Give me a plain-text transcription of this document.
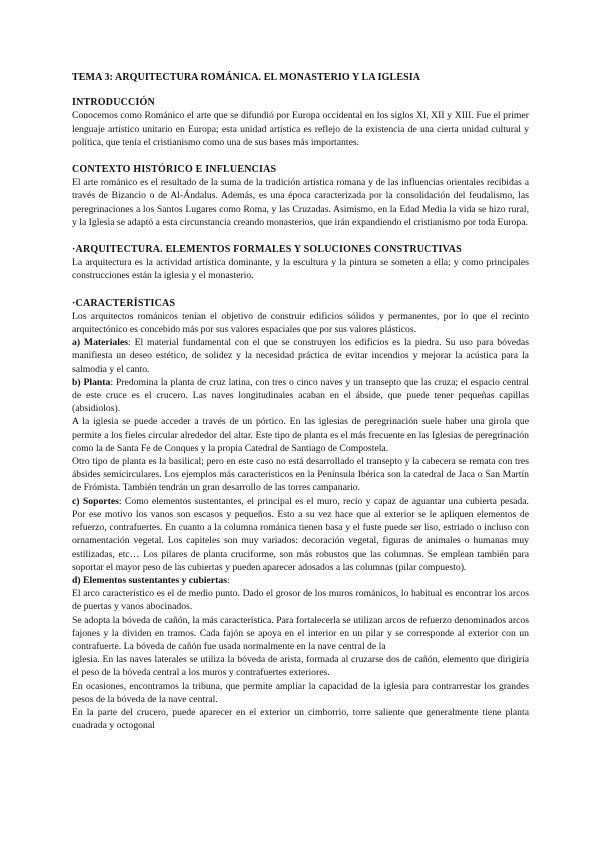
TEMA 3: ARQUITECTURA ROMÁNICA. EL MONASTERIO Y LA IGLESIA
INTRODUCCIÓN

Conocemos como Románico el arte que se difundió por Europa occidental en los siglos XI, XII y XIII. Fue el primer lenguaje artístico unitario en Europa; esta unidad artística es reflejo de la existencia de una cierta unidad cultural y política, que tenía el cristianismo como una de sus bases más importantes.

CONTEXTO HISTÓRICO E INFLUENCIAS

El arte románico es el resultado de la suma de la tradición artística romana y de las influencias orientales recibidas a través de Bizancio o de Al-Ándalus. Además, es una época caracterizada por la consolidación del feudalismo, las peregrinaciones a los Santos Lugares como Roma, y las Cruzadas. Asimismo, en la Edad Media la vida se hizo rural, y la Iglesia se adaptó a esta circunstancia creando monasterios, que irán expandiendo el cristianismo por toda Europa.

·ARQUITECTURA. ELEMENTOS FORMALES Y SOLUCIONES CONSTRUCTIVAS

La arquitectura es la actividad artística dominante, y la escultura y la pintura se someten a ella; y como principales construcciones están la iglesia y el monasterio.

·CARACTERÍSTICAS

Los arquitectos románicos tenían el objetivo de construir edificios sólidos y permanentes, por lo que el recinto arquitectónico es concebido más por sus valores espaciales que por sus valores plásticos.

a) Materiales: El material fundamental con el que se construyen los edificios es la piedra. Su uso para bóvedas manifiesta un deseo estético, de solidez y la necesidad práctica de evitar incendios y mejorar la acústica para la salmodia y el canto.

b) Planta: Predomina la planta de cruz latina, con tres o cinco naves y un transepto que las cruza; el espacio central de este cruce es el crucero. Las naves longitudinales acaban en el ábside, que puede tener pequeñas capillas (absidiolos).

A la iglesia se puede acceder a través de un pórtico. En las iglesias de peregrinación suele haber una girola que permite a los fieles circular alrededor del altar. Este tipo de planta es el más frecuente en las Iglesias de peregrinación como la de Santa Fe de Conques y la propia Catedral de Santiago de Compostela.

Otro tipo de planta es la basilical; pero en este caso no está desarrollado el transepto y la cabecera se remata con tres ábsides semicirculares. Los ejemplos más característicos en la Península Ibérica son la catedral de Jaca o San Martín de Frómista. También tendrán un gran desarrollo de las torres campanario.

c) Soportes: Como elementos sustentantes, el principal es el muro, recio y capaz de aguantar una cubierta pesada. Por ese motivo los vanos son escasos y pequeños. Esto a su vez hace que al exterior se le apliquen elementos de refuerzo, contrafuertes. En cuanto a la columna románica tienen basa y el fuste puede ser liso, estriado o incluso con ornamentación vegetal. Los capiteles son muy variados: decoración vegetal, figuras de animales o humanas muy estilizadas, etc… Los pilares de planta cruciforme, son más robustos que las columnas. Se emplean también para soportar el mayor peso de las cubiertas y pueden aparecer adosados a las columnas (pilar compuesto).

d) Elementos sustentantes y cubiertas:

El arco característico es el de medio punto. Dado el grosor de los muros románicos, lo habitual es encontrar los arcos de puertas y vanos abocinados.

Se adopta la bóveda de cañón, la más característica. Para fortalecerla se utilizan arcos de refuerzo denominados arcos fajones y la dividen en tramos. Cada fajón se apoya en el interior en un pilar y se corresponde al exterior con un contrafuerte. La bóveda de cañón fue usada normalmente en la nave central de la

iglesia. En las naves laterales se utiliza la bóveda de arista, formada al cruzarse dos de cañón, elemento que dirigiría el peso de la bóveda central a los muros y contrafuertes exteriores.

En ocasiones, encontramos la tribuna, que permite ampliar la capacidad de la iglesia para contrarrestar los grandes pesos de la bóveda de la nave central.

En la parte del crucero, puede aparecer en el exterior un cimborrio, torre saliente que generalmente tiene planta cuadrada y octogonal
